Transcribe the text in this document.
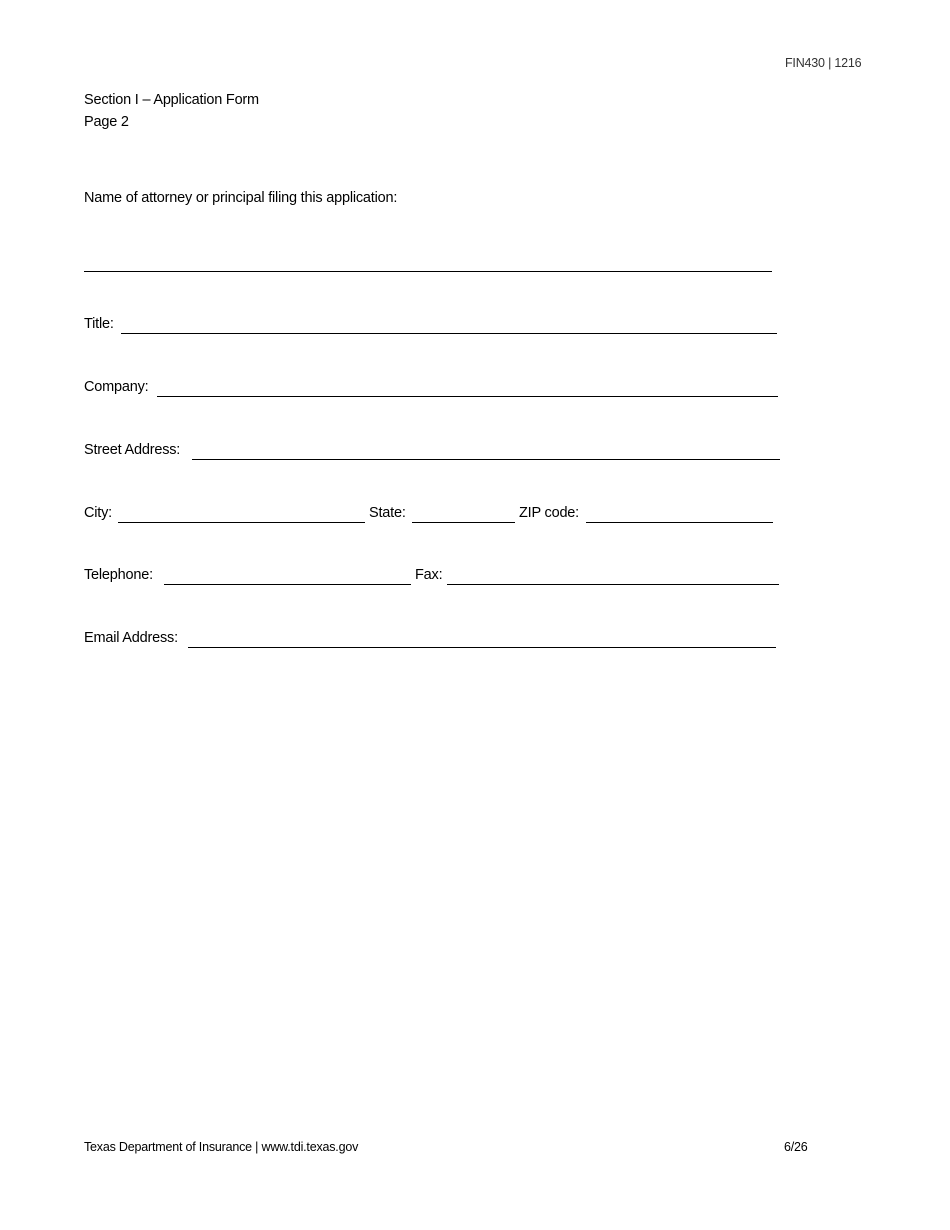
FIN430 | 1216
Section I – Application Form
Page 2
Name of attorney or principal filing this application:
Title:
Company:
Street Address:
City:	State:	ZIP code:
Telephone:	Fax:
Email Address:
Texas Department of Insurance | www.tdi.texas.gov	6/26
